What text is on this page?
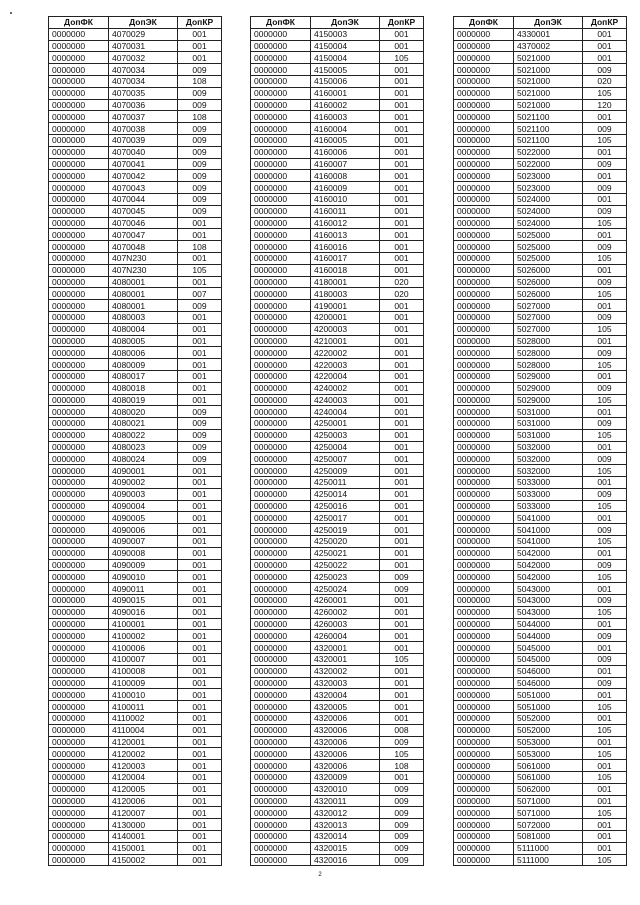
ДопФК	ДопЭК	ДопКР
0000000	4070029	001
0000000	4070031	001
0000000	4070032	001
0000000	4070034	009
0000000	4070034	108
0000000	4070035	009
0000000	4070036	009
0000000	4070037	108
0000000	4070038	009
0000000	4070039	009
0000000	4070040	009
0000000	4070041	009
0000000	4070042	009
0000000	4070043	009
0000000	4070044	009
0000000	4070045	009
0000000	4070046	001
0000000	4070047	001
0000000	4070048	108
0000000	407N230	001
0000000	407N230	105
0000000	4080001	001
0000000	4080001	007
0000000	4080001	009
0000000	4080003	001
0000000	4080004	001
0000000	4080005	001
0000000	4080006	001
0000000	4080009	001
0000000	4080017	001
0000000	4080018	001
0000000	4080019	001
0000000	4080020	009
0000000	4080021	009
0000000	4080022	009
0000000	4080023	009
0000000	4080024	009
0000000	4090001	001
0000000	4090002	001
0000000	4090003	001
0000000	4090004	001
0000000	4090005	001
0000000	4090006	001
0000000	4090007	001
0000000	4090008	001
0000000	4090009	001
0000000	4090010	001
0000000	4090011	001
0000000	4090015	001
0000000	4090016	001
0000000	4100001	001
0000000	4100002	001
0000000	4100006	001
0000000	4100007	001
0000000	4100008	001
0000000	4100009	001
0000000	4100010	001
0000000	4100011	001
0000000	4110002	001
0000000	4110004	001
0000000	4120001	001
0000000	4120002	001
0000000	4120003	001
0000000	4120004	001
0000000	4120005	001
0000000	4120006	001
0000000	4120007	001
0000000	4130000	001
0000000	4140001	001
0000000	4150001	001
0000000	4150002	001
ДопФК	ДопЭК	ДопКР
0000000	4150003	001
0000000	4150004	001
0000000	4150004	105
0000000	4150005	001
0000000	4150006	001
0000000	4160001	001
0000000	4160002	001
0000000	4160003	001
0000000	4160004	001
0000000	4160005	001
0000000	4160006	001
0000000	4160007	001
0000000	4160008	001
0000000	4160009	001
0000000	4160010	001
0000000	4160011	001
0000000	4160012	001
0000000	4160013	001
0000000	4160016	001
0000000	4160017	001
0000000	4160018	001
0000000	4180001	020
0000000	4180003	020
0000000	4190001	001
0000000	4200001	001
0000000	4200003	001
0000000	4210001	001
0000000	4220002	001
0000000	4220003	001
0000000	4220004	001
0000000	4240002	001
0000000	4240003	001
0000000	4240004	001
0000000	4250001	001
0000000	4250003	001
0000000	4250004	001
0000000	4250007	001
0000000	4250009	001
0000000	4250011	001
0000000	4250014	001
0000000	4250016	001
0000000	4250017	001
0000000	4250019	001
0000000	4250020	001
0000000	4250021	001
0000000	4250022	001
0000000	4250023	009
0000000	4250024	009
0000000	4260001	001
0000000	4260002	001
0000000	4260003	001
0000000	4260004	001
0000000	4320001	001
0000000	4320001	105
0000000	4320002	001
0000000	4320003	001
0000000	4320004	001
0000000	4320005	001
0000000	4320006	001
0000000	4320006	008
0000000	4320006	009
0000000	4320006	105
0000000	4320006	108
0000000	4320009	001
0000000	4320010	009
0000000	4320011	009
0000000	4320012	009
0000000	4320013	009
0000000	4320014	009
0000000	4320015	009
0000000	4320016	009
ДопФК	ДопЭК	ДопКР
0000000	4330001	001
0000000	4370002	001
0000000	5021000	001
0000000	5021000	009
0000000	5021000	020
0000000	5021000	105
0000000	5021000	120
0000000	5021100	001
0000000	5021100	009
0000000	5021100	105
0000000	5022000	001
0000000	5022000	009
0000000	5023000	001
0000000	5023000	009
0000000	5024000	001
0000000	5024000	009
0000000	5024000	105
0000000	5025000	001
0000000	5025000	009
0000000	5025000	105
0000000	5026000	001
0000000	5026000	009
0000000	5026000	105
0000000	5027000	001
0000000	5027000	009
0000000	5027000	105
0000000	5028000	001
0000000	5028000	009
0000000	5028000	105
0000000	5029000	001
0000000	5029000	009
0000000	5029000	105
0000000	5031000	001
0000000	5031000	009
0000000	5031000	105
0000000	5032000	001
0000000	5032000	009
0000000	5032000	105
0000000	5033000	001
0000000	5033000	009
0000000	5033000	105
0000000	5041000	001
0000000	5041000	009
0000000	5041000	105
0000000	5042000	001
0000000	5042000	009
0000000	5042000	105
0000000	5043000	001
0000000	5043000	009
0000000	5043000	105
0000000	5044000	001
0000000	5044000	009
0000000	5045000	001
0000000	5045000	009
0000000	5046000	001
0000000	5046000	009
0000000	5051000	001
0000000	5051000	105
0000000	5052000	001
0000000	5052000	105
0000000	5053000	001
0000000	5053000	105
0000000	5061000	001
0000000	5061000	105
0000000	5062000	001
0000000	5071000	001
0000000	5071000	105
0000000	5072000	001
0000000	5081000	001
0000000	5111000	001
0000000	5111000	105
2
